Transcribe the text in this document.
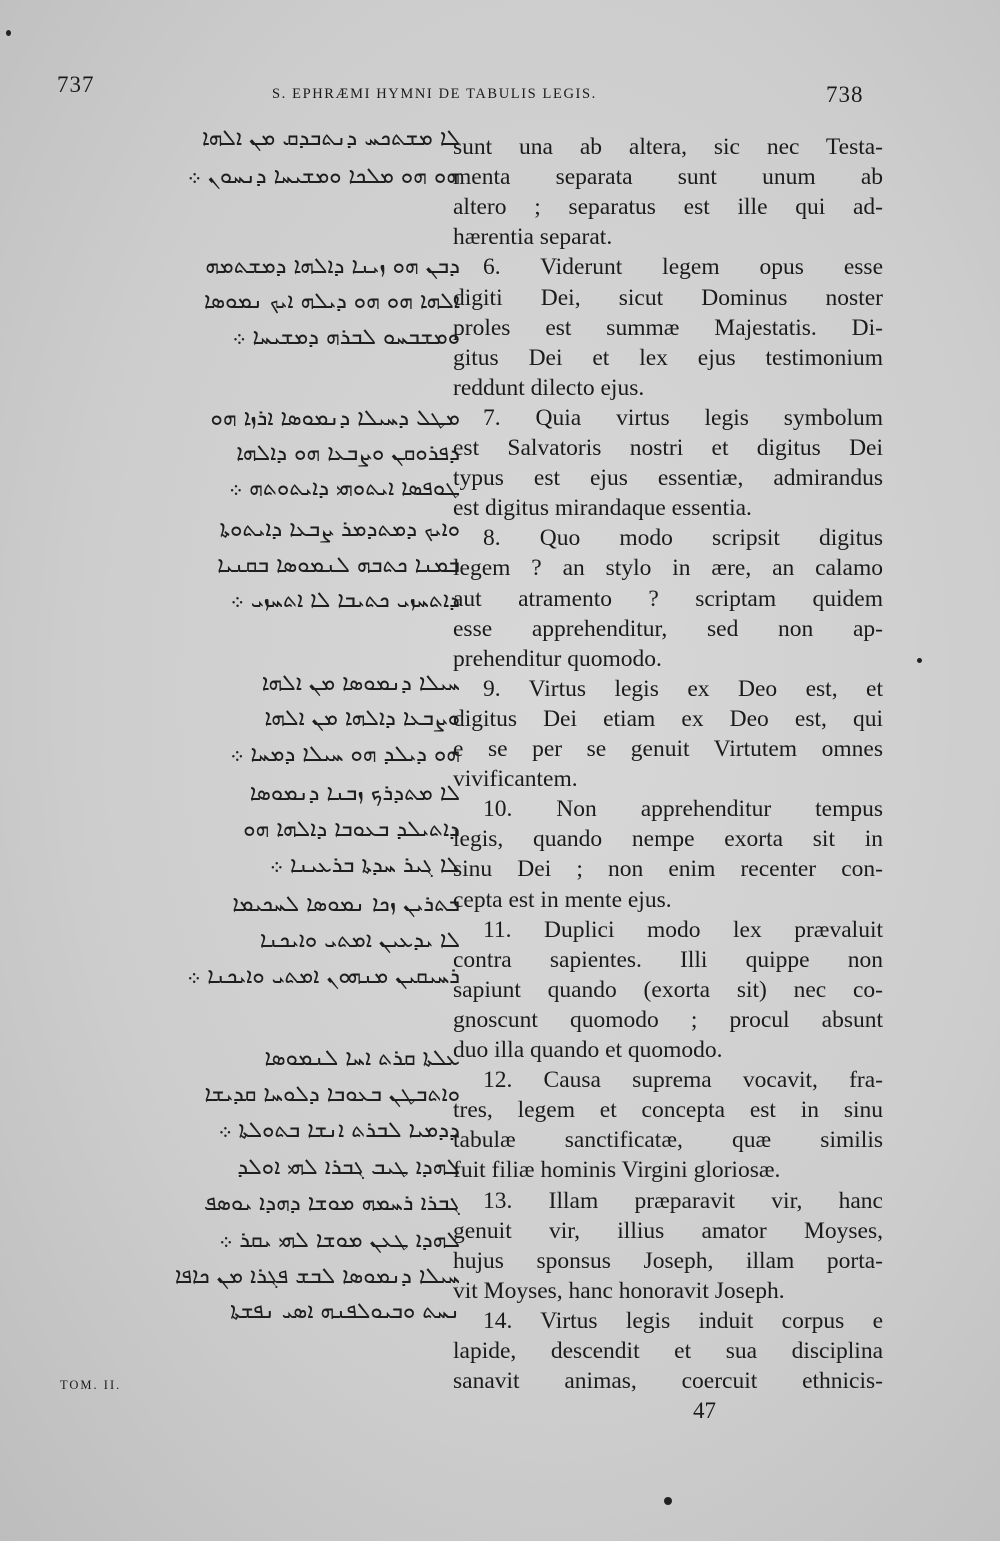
737	S. EPHRÆMI HYMNI DE TABULIS LEGIS.	738
ܠܐ ܡܫܬܟܚ ܕܢܬܒܕܩ ܡܢ ܐܠܗܐ
ܗܘ ܗܘ ܡܠܟܐ ܘܡܫܝܚܐ ܕܢܚܘܢ ܀
ܕܒܢ ܗܘ ܙܝܢܐ ܕܐܠܗܐ ܕܡܫܬܡܗ
ܐܠܗܐ ܗܘ ܗܘ ܕܝܠܗ ܐܝܟ ܢܡܘܣܐ
ܘܡܫܒܚܘ ܠܒܪܗ ܕܡܫܝܚܐ ܀
ܡܛܠ ܕܚܝܠܐ ܕܢܡܘܣܐ ܐܪܙܐ ܗܘ
ܕܦܪܘܩܢ ܘܨܒܥܐ ܗܘ ܕܐܠܗܐ
ܛܘܦܣܐ ܐܝܬܘܗܝ ܕܐܝܬܘܬܗ ܀
ܘܐܝܟ ܕܡܬܕܡܪ ܨܒܥܐ ܕܐܝܬܘܬܐ
ܒܡܢܐ ܟܬܒܗ ܠܢܡܘܣܐ ܒܩܢܝܐ
ܕܐܬܚܙܝ ܟܬܝܒܐ ܠܐ ܐܬܚܙܝ ܀
ܚܝܠܐ ܕܢܡܘܣܐ ܡܢ ܐܠܗܐ
ܘܨܒܥܐ ܕܐܠܗܐ ܡܢ ܐܠܗܐ
ܗܘ ܕܝܠܕ ܗܘ ܚܝܠܐ ܕܡܚܐ ܀
ܠܐ ܡܬܕܪܟ ܙܒܢܐ ܕܢܡܘܣܐ
ܕܐܬܝܠܕ ܒܥܘܒܐ ܕܐܠܗܐ ܗܘ
ܠܐ ܓܝܪ ܚܕܬܐ ܒܪܥܝܢܐ ܀
ܒܬܪܝܢ ܙܟܐ ܢܡܘܣܐ ܠܚܟܝܡܐ
ܠܐ ܝܕܥܝܢ ܐܡܬܝ ܘܐܝܟܢܐ
ܪܚܝܩܝܢ ܡܢܗܘܢ ܐܡܬܝ ܘܐܝܟܢܐ ܀
ܥܠܬܐ ܩܪܬ ܐܚܐ ܠܢܡܘܣܐ
ܘܐܬܒܛܢ ܒܥܘܒܐ ܕܠܘܚܐ ܩܕܝܫܐ
ܕܕܡܝܐ ܠܒܪܬ ܐܢܫܐ ܒܬܘܠܬܐ ܀
ܠܗܕܐ ܛܝܒ ܓܒܪܐ ܠܗܝ ܐܘܠܕ
ܓܒܪܐ ܪܚܡܗ ܡܘܫܐ ܕܗܕܐ ܝܘܣܦ
ܠܗܕܐ ܛܥܢ ܡܘܫܐ ܠܗܝ ܝܩܪ ܀
ܚܝܠܐ ܕܢܡܘܣܐ ܠܒܫ ܦܓܪܐ ܡܢ ܟܐܦܐ
ܢܚܬ ܘܒܝܘܠܦܢܗ ܐܣܝ ܢܦܫܬܐ
sunt una ab altera, sic nec Testa-
menta separata sunt unum ab
altero ; separatus est ille qui ad-
hærentia separat.
6. Viderunt legem opus esse
digiti Dei, sicut Dominus noster
proles est summæ Majestatis. Di-
gitus Dei et lex ejus testimonium
reddunt dilecto ejus.
7. Quia virtus legis symbolum
est Salvatoris nostri et digitus Dei
typus est ejus essentiæ, admirandus
est digitus mirandaque essentia.
8. Quo modo scripsit digitus
legem ? an stylo in ære, an calamo
aut atramento ? scriptam quidem
esse apprehenditur, sed non ap-
prehenditur quomodo.
9. Virtus legis ex Deo est, et
digitus Dei etiam ex Deo est, qui
e se per se genuit Virtutem omnes
vivificantem.
10. Non apprehenditur tempus
legis, quando nempe exorta sit in
sinu Dei ; non enim recenter con-
cepta est in mente ejus.
11. Duplici modo lex prævaluit
contra sapientes. Illi quippe non
sapiunt quando (exorta sit) nec co-
gnoscunt quomodo ; procul absunt
duo illa quando et quomodo.
12. Causa suprema vocavit, fra-
tres, legem et concepta est in sinu
tabulæ sanctificatæ, quæ similis
fuit filiæ hominis Virgini gloriosæ.
13. Illam præparavit vir, hanc
genuit vir, illius amator Moyses,
hujus sponsus Joseph, illam porta-
vit Moyses, hanc honoravit Joseph.
14. Virtus legis induit corpus e
lapide, descendit et sua disciplina
sanavit animas, coercuit ethnicis-
TOM. II.
47
